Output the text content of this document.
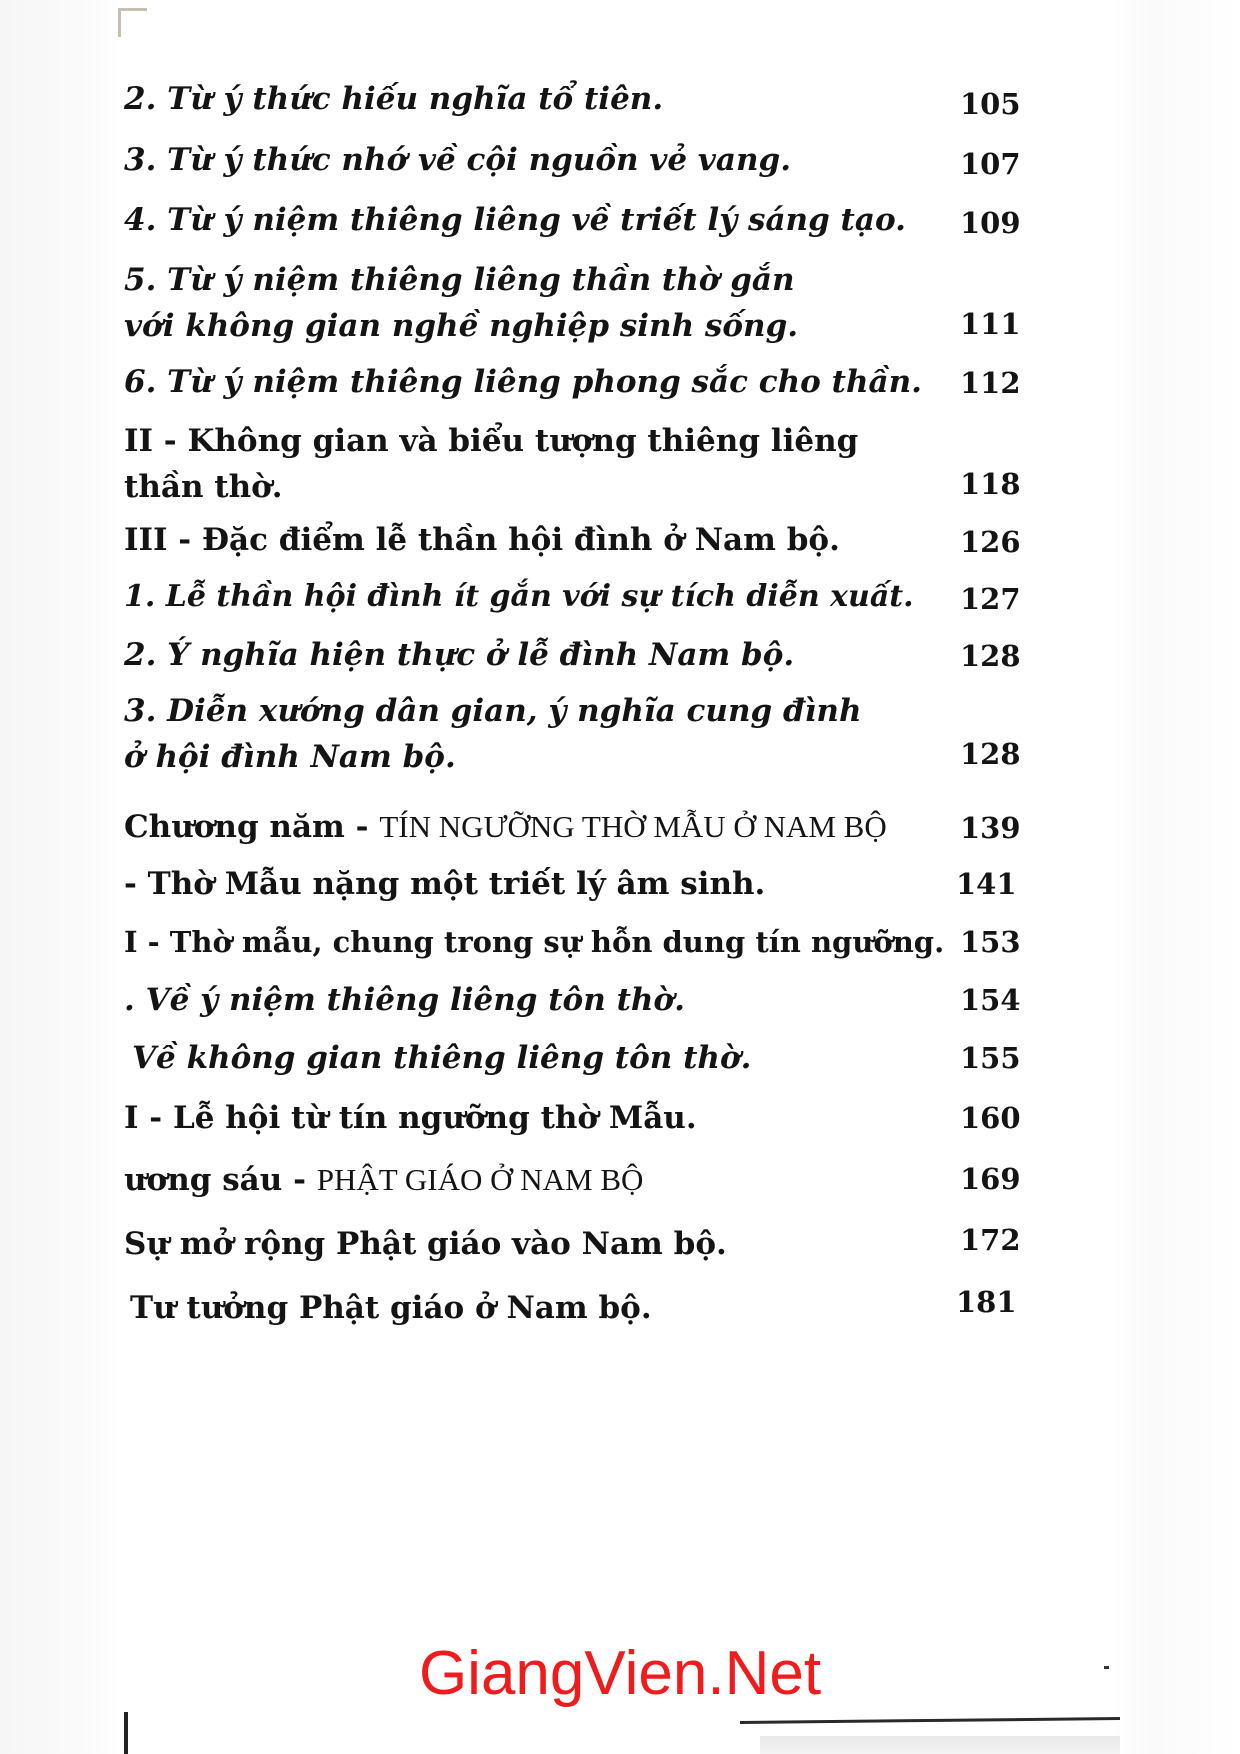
2. Từ ý thức hiếu nghĩa tổ tiên.	105
3. Từ ý thức nhớ về cội nguồn vẻ vang.	107
4. Từ ý niệm thiêng liêng về triết lý sáng tạo.	109
5. Từ ý niệm thiêng liêng thần thờ gắn
với không gian nghề nghiệp sinh sống.	111
6. Từ ý niệm thiêng liêng phong sắc cho thần.	112
II - Không gian và biểu tượng thiêng liêng
thần thờ.	118
III - Đặc điểm lễ thần hội đình ở Nam bộ.	126
1. Lễ thần hội đình ít gắn với sự tích diễn xuất.	127
2. Ý nghĩa hiện thực ở lễ đình Nam bộ.	128
3. Diễn xướng dân gian, ý nghĩa cung đình
ở hội đình Nam bộ.	128
Chương năm - TÍN NGƯỠNG THỜ MẪU Ở NAM BỘ	139
- Thờ Mẫu nặng một triết lý âm sinh.	141
I - Thờ mẫu, chung trong sự hỗn dung tín ngưỡng. 153
. Về ý niệm thiêng liêng tôn thờ.	154
Về không gian thiêng liêng tôn thờ.	155
I - Lễ hội từ tín ngưỡng thờ Mẫu.	160
ương sáu - PHẬT GIÁO Ở NAM BỘ	169
Sự mở rộng Phật giáo vào Nam bộ.	172
Tư tưởng Phật giáo ở Nam bộ.	181
GiangVien.Net
